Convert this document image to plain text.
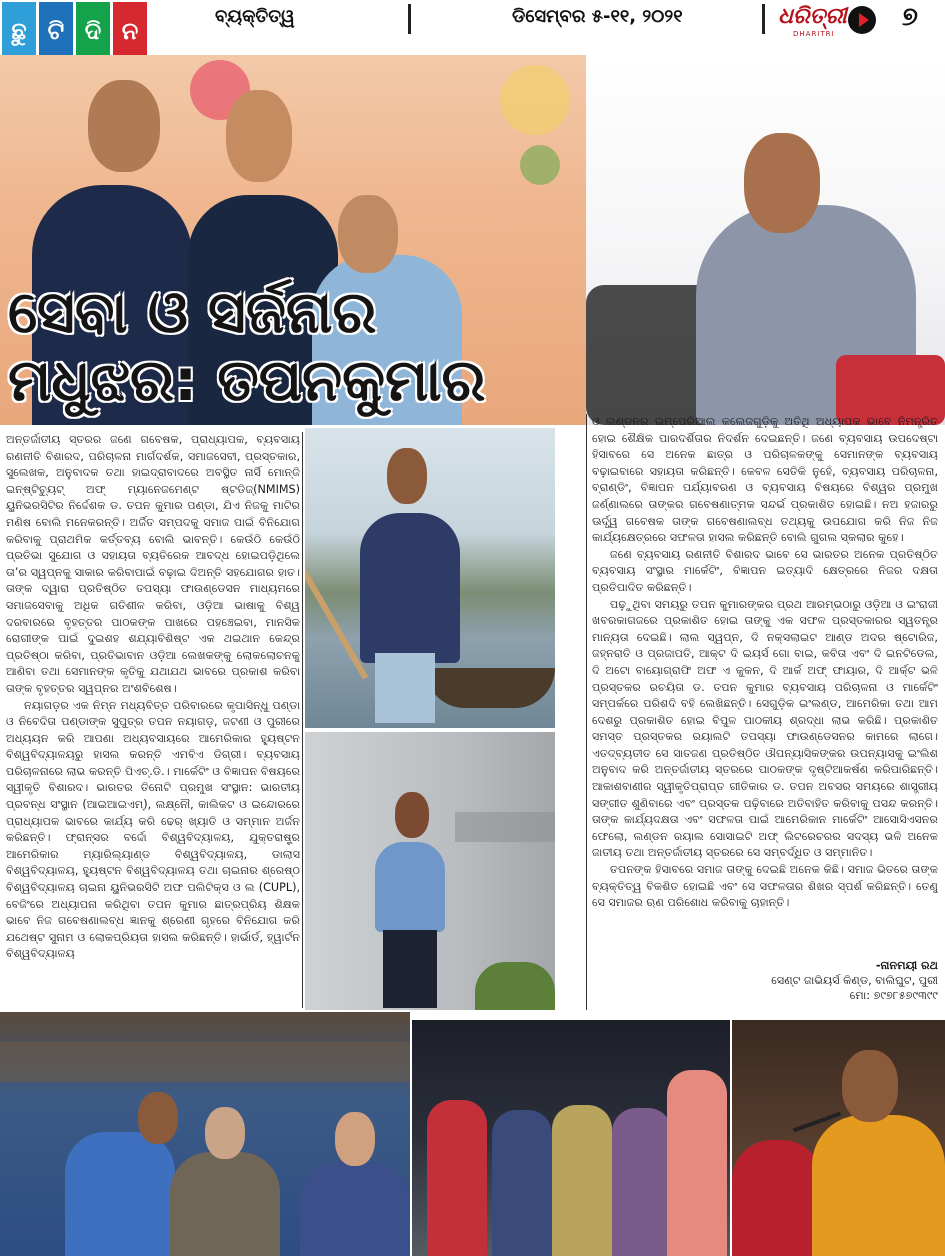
ଛୁ ଟି ଦି ନ
ବ୍ୟକ୍ତିତ୍ୱ	ଡିସେମ୍ବର ୫-୧୧, ୨୦୨୧	ଧରିତ୍ରୀ
DHARITRI
୭
ସେବା ଓ ସର୍ଜନାର
ମଧୁଝର: ତପନକୁମାର

ଅନ୍ତର୍ଜାତୀୟ ସ୍ତରର ଜଣେ ଗବେଷକ, ପ୍ରାଧ୍ୟାପକ, ବ୍ୟବସାୟ ରଣନୀତି ବିଶାରଦ, ପରିଚାଳନା ମାର୍ଗଦର୍ଶକ, ସମାଜସେବୀ, ପ୍ରସ୍ତକାର, ସୁଲେଖକ, ଅନୁବାଦକ ତଥା ହାଇଦ୍ରାବାଦରେ ଅବସ୍ଥିତ ନାର୍ସି ମୋନ୍‌ଜି ଇନ୍‌ଷ୍ଟିଚ୍ୟୁଟ୍ ଅଫ୍ ମ୍ୟାନେଜମେଣ୍ଟ ଷ୍ଟଡିଜ୍(NMIMS) ୟୁନିଭରସିଟିର ନିର୍ଦ୍ଦେଶକ ଡ. ତପନ କୁମାର ପଣ୍ଡା, ଯିଏ ନିଜକୁ ମାଟିର ମଣିଷ ବୋଲି ମନେକରନ୍ତି। ଅର୍ଜିତ ସମ୍ପଦକୁ ସମାଜ ପାଇଁ ବିନିଯୋଗ କରିବାକୁ ପ୍ରାଥମିକ କର୍ତ୍ତବ୍ୟ ବୋଲି ଭାବନ୍ତି। କେଉଁଠି କେଉଁଠି ପ୍ରତିଭା ସୁଯୋଗ ଓ ସହାୟତା ବ୍ୟତିରେକ ଆବଦ୍ଧ ହୋଇପଡ଼ିଥିଲେ ତା’ର ସ୍ୱପ୍ନକୁ ସାକାର କରିବାପାଇଁ ବଢ଼ାଇ ଦିଅନ୍ତି ସହଯୋଗର ହାତ। ତାଙ୍କ ଦ୍ୱାରା ପ୍ରତିଷ୍ଠିତ ତପସ୍ୟା ଫାଉଣ୍ଡେସନ ମାଧ୍ୟମରେ ସମାଜସେବାକୁ ଅଧିକ ଗତିଶୀଳ କରିବା, ଓଡ଼ିଆ ଭାଷାକୁ ବିଶ୍ୱ ଦରବାରରେ ବୃହତ୍ତର ପାଠକଙ୍କ ପାଖରେ ପହଞ୍ଚେଇବା, ମାନସିକ ରୋଗୀଙ୍କ ପାଇଁ ଦୁଇଶହ ଶଯ୍ୟାବିଶିଷ୍ଟ ଏକ ଥଇଥାନ କେନ୍ଦ୍ର ପ୍ରତିଷ୍ଠା କରିବା, ପ୍ରତିଭାବାନ ଓଡ଼ିଆ ଲେଖକଙ୍କୁ ଲୋକଲୋଚନକୁ ଆଣିବା ତଥା ସେମାନଙ୍କ କୃତିକୁ ଯଥାଯଥ ଭାବରେ ପ୍ରକାଶ କରିବା ତାଙ୍କ ବୃହତ୍ତର ସ୍ୱପ୍ନର ଅଂଶବିଶେଷ।

ନୟାଗଡ଼ର ଏକ ନିମ୍ନ ମଧ୍ୟବିତ୍ତ ପରିବାରରେ କୃପାସିନ୍ଧୁ ପଣ୍ଡା ଓ ନିବେଦିତା ପଣ୍ଡାଙ୍କ ସୁପୁତ୍ର ତପନ ନୟାଗଡ଼, ଜଟଣୀ ଓ ପୁରୀରେ ଅଧ୍ୟୟନ କରି ଆପଣା ଅଧ୍ୟବସାୟରେ ଆମେରିକାର ହ୍ୟୁଷ୍ଟନ ବିଶ୍ୱବିଦ୍ୟାଳୟରୁ ହାସଲ କରନ୍ତି ଏମବିଏ ଡିଗ୍ରୀ। ବ୍ୟବସାୟ ପରିଚାଳନାରେ ଲାଭ କରନ୍ତି ପିଏଚ୍.ଡି.। ମାର୍କେଟିଂ ଓ ବିଜ୍ଞାପନ ବିଷୟରେ ସ୍ୱୀକୃତି ବିଶାରଦ। ଭାରତର ତିନୋଟି ପ୍ରମୁଖ ସଂସ୍ଥାନ: ଭାରତୀୟ ପ୍ରବନ୍ଧ ସଂସ୍ଥାନ (ଆଇଆଇଏମ୍), ଲକ୍ଷ୍ନୌ, କାଲିକଟ ଓ ଇନ୍ଦୋରରେ ପ୍ରାଧ୍ୟାପକ ଭାବରେ କାର୍ଯ୍ୟ କରି ଢେର୍ ଖ୍ୟାତି ଓ ସମ୍ମାନ ଅର୍ଜନ କରିଛନ୍ତି। ଫ୍ରାନ୍ସର ବର୍ଦ୍ଦୋ ବିଶ୍ୱବିଦ୍ୟାଳୟ, ଯୁକ୍ତରାଷ୍ଟ୍ର ଆମେରିକାର ମ୍ୟାରିଲ୍ୟାଣ୍ଡ ବିଶ୍ୱବିଦ୍ୟାଳୟ, ଡାଲାସ ବିଶ୍ୱବିଦ୍ୟାଳୟ, ହ୍ୟୁଷ୍ଟନ ବିଶ୍ୱବିଦ୍ୟାଳୟ ତଥା ଚାଇନାର ଶ୍ରେଷ୍ଠ ବିଶ୍ୱବିଦ୍ୟାଳୟ ଚାଇନା ୟୁନିଭରସିଟି ଅଫ ପଲିଟିକ୍ସ ଓ ଲ (CUPL), ବେଜିଂରେ ଅଧ୍ୟାପନା କରିଥିବା ତପନ କୁମାର ଛାତ୍ରପ୍ରିୟ ଶିକ୍ଷକ ଭାବେ ନିଜ ଗବେଷଣାଲବ୍ଧ ଜ୍ଞାନକୁ ଶ୍ରେଣୀ ଗୃହରେ ବିନିଯୋଗ କରି ଯଥେଷ୍ଟ ସୁନାମ ଓ ଲୋକପ୍ରିୟତା ହାସଲ କରିଛନ୍ତି। ହାର୍ଭାର୍ଡ, ହ୍ୱାର୍ଟନ ବିଶ୍ୱବିଦ୍ୟାଳୟ

ଓ ଲଣ୍ଡନର ଇମ୍ପେରିଆଲ କଲେଜଗୁଡ଼ିକୁ ଅତିଥି ଅଧ୍ୟାପକ ଭାବେ ନିମନ୍ତ୍ରିତ ହୋଇ ଶୈକ୍ଷିକ ପାରଦର୍ଶିତାର ନିଦର୍ଶନ ଦେଇଛନ୍ତି। ଜଣେ ବ୍ୟବସାୟ ଉପଦେଷ୍ଟା ହିସାବରେ ସେ ଅନେକ ଛାତ୍ର ଓ ପରିଚାଳକଙ୍କୁ ସେମାନଙ୍କ ବ୍ୟବସାୟ ବଢ଼ାଇବାରେ ସହାୟତା କରିଛନ୍ତି। କେବଳ ସେତିକି ନୁହେଁ, ବ୍ୟବସାୟ ପରିଚାଳନା, ବ୍ରାଣ୍ଡିଂ, ବିଜ୍ଞାପନ ପର୍ଯ୍ୟାବରଣ ଓ ବ୍ୟବସାୟ ବିଷୟରେ ବିଶ୍ୱର ପ୍ରମୁଖ ଜର୍ଣ୍ଣାଲରେ ତାଙ୍କର ଗବେଷଣାତ୍ମକ ସନ୍ଦର୍ଭ ପ୍ରକାଶିତ ହୋଇଛି। ନଅ ହଜାରରୁ ଊର୍ଦ୍ଧ୍ୱ ଗବେଷକ ତାଙ୍କ ଗବେଷଣାଲବ୍ଧ ତଥ୍ୟକୁ ଉପଯୋଗ କରି ନିଜ ନିଜ କାର୍ଯ୍ୟକ୍ଷେତ୍ରରେ ସଫଳତା ହାସଲ କରିଛନ୍ତି ବୋଲି ଗୁଗଲ ସ୍କଲାର କୁହେ।

ଜଣେ ବ୍ୟବସାୟ ରଣନୀତି ବିଶାରଦ ଭାବେ ସେ ଭାରତର ଅନେକ ପ୍ରତିଷ୍ଠିତ ବ୍ୟବସାୟ ସଂସ୍ଥାର ମାର୍କେଟିଂ, ବିଜ୍ଞାପନ ଇତ୍ୟାଦି କ୍ଷେତ୍ରରେ ନିଜର ଦକ୍ଷତା ପ୍ରତିପାଦିତ କରିଛନ୍ତି।

ପଢ଼ୁଥିବା ସମୟରୁ ତପନ କୁମାରଙ୍କର ପ୍ରଥ ଆରମ୍ଭଠାରୁ ଓଡ଼ିଆ ଓ ଇଂରାଜୀ ଖବରକାଗଜରେ ପ୍ରକାଶିତ ହୋଇ ତାଙ୍କୁ ଏକ ସଫଳ ପ୍ରସ୍ତକାରର ସ୍ୱତନ୍ତ୍ର ମାନ୍ୟତା ଦେଇଛି। ଲାଲ ସ୍ୱପ୍ନ, ଦି ନକ୍ସଲାଇଟ ଆଣ୍ଡ ଅଦର ଷ୍ଟୋରିଜ, ଜହ୍ନରାତି ଓ ପ୍ରଜାପତି, ଆକ୍ଟ ଦି ଇୟର୍ସ ଗୋ ବାଇ, କବିତା ଏବଂ ଦି ଇନଟିଡେଲ, ଦି ଅଟୋ ବାୟୋଗ୍ରାଫି ଅଫ ଏ କୁକନ, ଦି ଆର୍କ ଅଫ୍ ଫାୟାର, ଦି ଆର୍କ୍ଟ ଭଳି ପ୍ରସ୍ତକର ରଚୟିତା ଡ. ତପନ କୁମାର ବ୍ୟବସାୟ ପରିଚାଳନା ଓ ମାର୍କେଟିଂ ସମ୍ପର୍କରେ ପରିଶଦି ବହି ଲେଖିଛନ୍ତି। ସେଗୁଡ଼ିକ ଇଂଲଣ୍ଡ, ଆମେରିକା ତଥା ଆମ ଦେଶରୁ ପ୍ରକାଶିତ ହୋଇ ବିପୁଳ ପାଠକୀୟ ଶ୍ରଦ୍ଧା ଲାଭ କରିଛି। ପ୍ରକାଶିତ ସମସ୍ତ ପ୍ରସ୍ତକର ରୟାଲଟି ତପସ୍ୟା ଫାଉଣ୍ଡେସନର କାମରେ ଲାଗେ। ଏତଦ୍‌ବ୍ୟତୀତ ସେ ସାତଜଣ ପ୍ରତିଷ୍ଠିତ ଔପନ୍ୟାସିକଙ୍କର ଉପନ୍ୟାସକୁ ଇଂଲିଶ ଅନୁବାଦ କରି ଅନ୍ତର୍ଜାତୀୟ ସ୍ତରରେ ପାଠକଙ୍କ ଦୃଷ୍ଟିଆକର୍ଷଣ କରିପାରିଛନ୍ତି। ଆକାଶବାଣୀର ସ୍ୱୀକୃତିପ୍ରାପ୍ତ ଗୀତିକାର ଡ. ତପନ ଅବସର ସମୟରେ ଶାସ୍ତ୍ରୀୟ ସଙ୍ଗୀତ ଶୁଣିବାରେ ଏବଂ ପ୍ରସ୍ତକ ପଢ଼ିବାରେ ଅତିବାହିତ କରିବାକୁ ପସନ୍ଦ କରନ୍ତି। ତାଙ୍କ କାର୍ଯ୍ୟଦକ୍ଷତା ଏବଂ ସଫଳତା ପାଇଁ ଆମେରିକାନ ମାର୍କେଟିଂ ଆସୋସିଏସନର ଫେଲୋ, ଲଣ୍ଡନ ରୟାଲ ସୋସାଇଟି ଅଫ୍ ଲିଟରେଚରର ସଦସ୍ୟ ଭଳି ଅନେକ ଜାତୀୟ ତଥା ଅନ୍ତର୍ଜାତୀୟ ସ୍ତରରେ ସେ ସମ୍ବର୍ଦ୍ଧିତ ଓ ସମ୍ମାନିତ।

ତପନଙ୍କ ହିସାବରେ ସମାଜ ତାଙ୍କୁ ଦେଇଛି ଅନେକ କିଛି। ସମାଜ ଭିତରେ ତାଙ୍କ ବ୍ୟକ୍ତିତ୍ୱ ବିକଶିତ ହୋଇଛି ଏବଂ ସେ ସଫଳତାର ଶିଖର ସ୍ପର୍ଶ କରିଛନ୍ତି। ତେଣୁ ସେ ସମାଜର ଋଣ ପରିଶୋଧ କରିବାକୁ ଚାହାନ୍ତି।

-ନାନମୟୀ ରଥ
ସେଣ୍ଟ ଜାଭିୟର୍ସ କିଣ୍ଡ, ବାଲିଘୁଟ, ପୁରୀ
ମୋ: ୭୯୭୮୫୭୯୩୯୯
